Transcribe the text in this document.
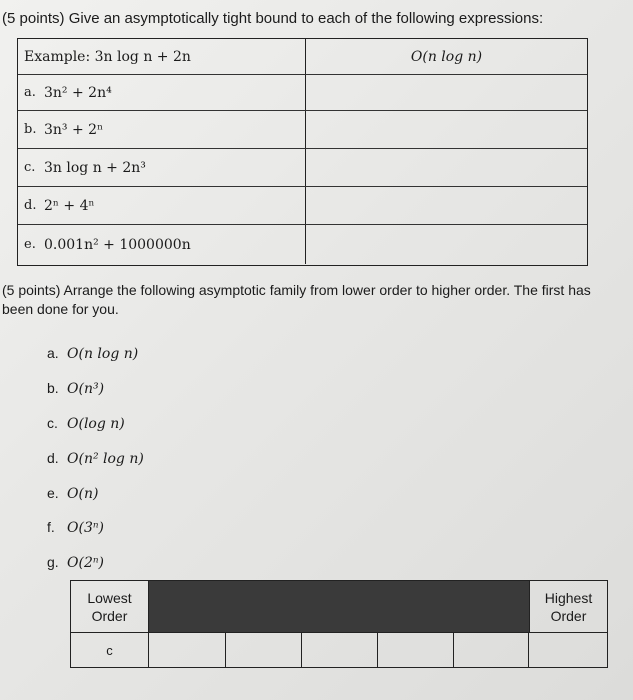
(5 points) Give an asymptotically tight bound to each of the following expressions:
Example: 3n log n + 2n	O(n log n)
a. 3n² + 2n⁴
b. 3n³ + 2ⁿ
c. 3n log n + 2n³
d. 2ⁿ + 4ⁿ
e. 0.001n² + 1000000n
(5 points) Arrange the following asymptotic family from lower order to higher order. The first has been done for you.
a. O(n log n)
b. O(n³)
c. O(log n)
d. O(n² log n)
e. O(n)
f. O(3ⁿ)
g. O(2ⁿ)
Lowest
Order
Highest
Order
c
